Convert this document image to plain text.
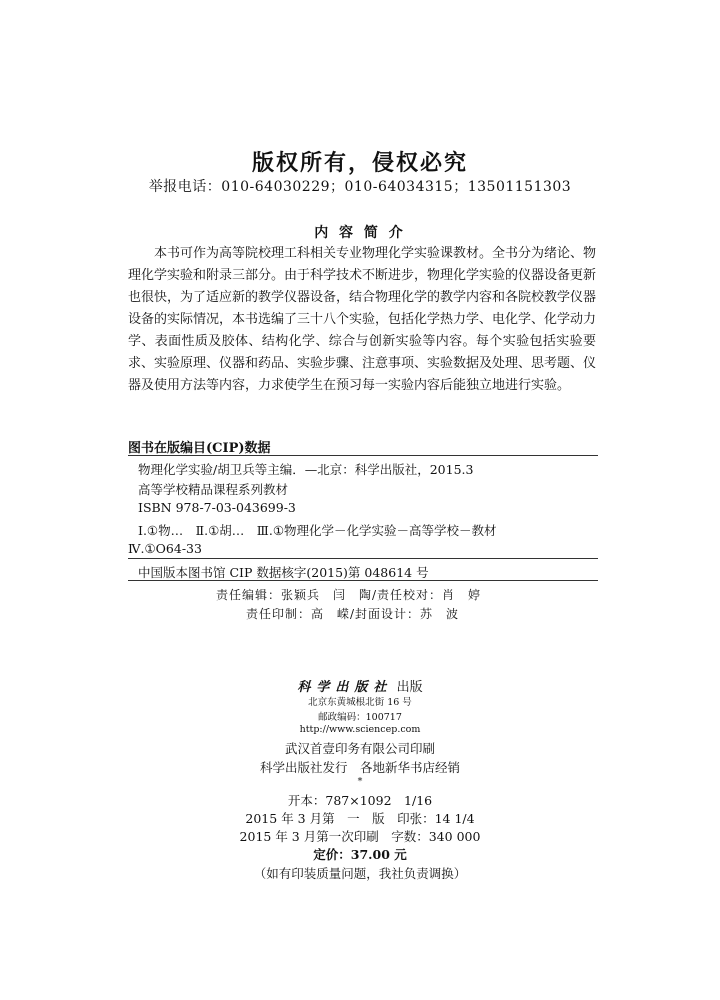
版权所有，侵权必究
举报电话：010-64030229；010-64034315；13501151303
内 容 简 介

本书可作为高等院校理工科相关专业物理化学实验课教材。全书分为绪论、物理化学实验和附录三部分。由于科学技术不断进步，物理化学实验的仪器设备更新也很快，为了适应新的教学仪器设备，结合物理化学的教学内容和各院校教学仪器设备的实际情况，本书选编了三十八个实验，包括化学热力学、电化学、化学动力学、表面性质及胶体、结构化学、综合与创新实验等内容。每个实验包括实验要求、实验原理、仪器和药品、实验步骤、注意事项、实验数据及处理、思考题、仪器及使用方法等内容，力求使学生在预习每一实验内容后能独立地进行实验。

图书在版编目(CIP)数据
物理化学实验/胡卫兵等主编．—北京：科学出版社，2015.3
高等学校精品课程系列教材
ISBN 978-7-03-043699-3
Ⅰ.①物…　Ⅱ.①胡…　Ⅲ.①物理化学－化学实验－高等学校－教材
Ⅳ.①O64-33
中国版本图书馆 CIP 数据核字(2015)第 048614 号
责任编辑：张颖兵　闫　陶/责任校对：肖　婷
责任印制：高　嵘/封面设计：苏　波
科学出版社 出版
北京东黄城根北街 16 号
邮政编码：100717
http://www.sciencep.com
武汉首壹印务有限公司印刷
科学出版社发行　各地新华书店经销
*
开本：787×1092　1/16
2015 年 3 月第　一　版　印张：14 1/4
2015 年 3 月第一次印刷　字数：340 000
定价：37.00 元
（如有印装质量问题，我社负责调换）
